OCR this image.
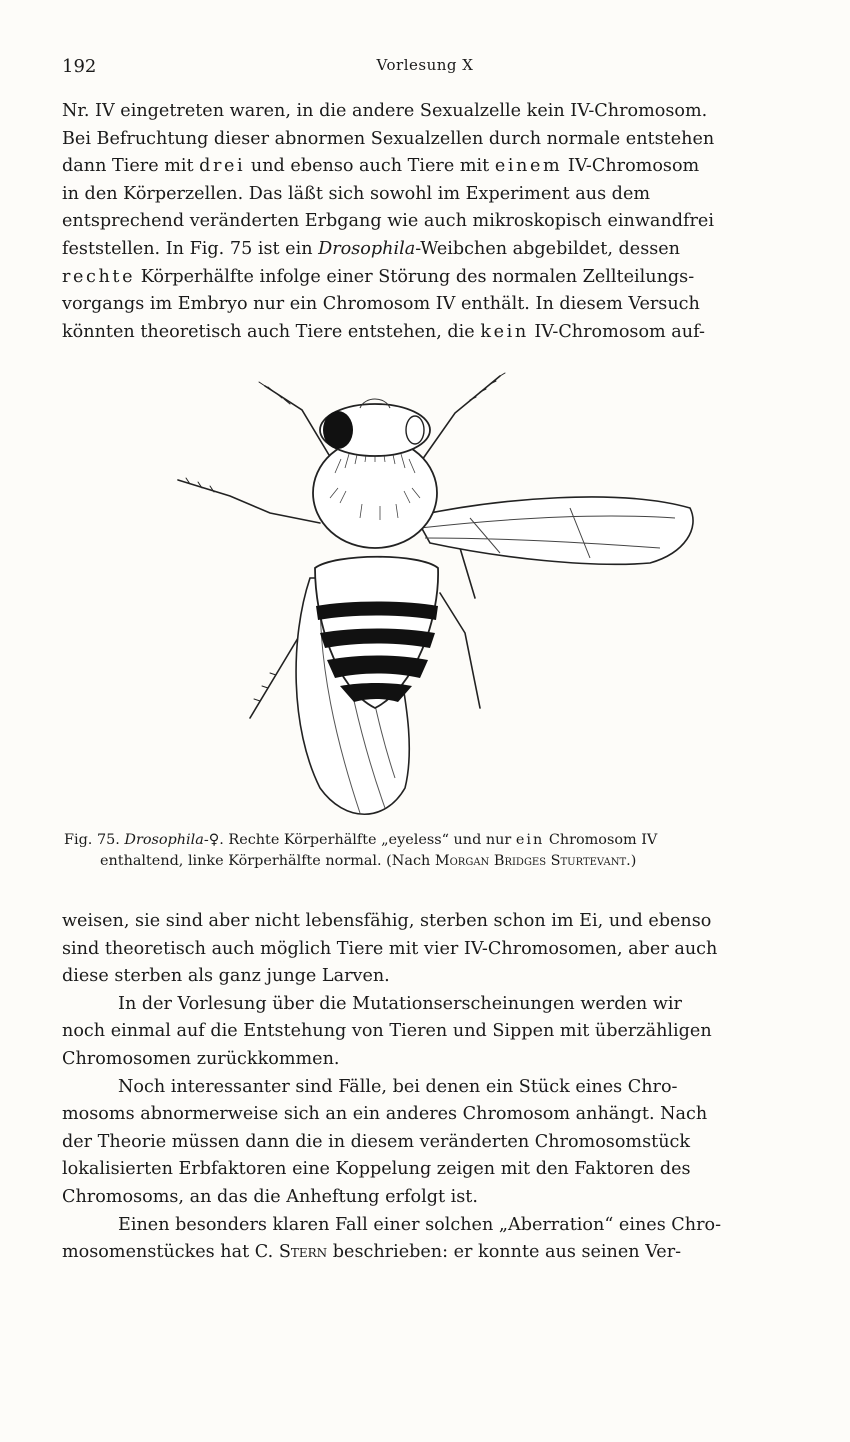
192	Vorlesung X
Nr. IV eingetreten waren, in die andere Sexualzelle kein IV-Chromosom.
Bei Befruchtung dieser abnormen Sexualzellen durch normale entstehen
dann Tiere mit drei und ebenso auch Tiere mit einem IV-Chromosom
in den Körperzellen. Das läßt sich sowohl im Experiment aus dem
entsprechend veränderten Erbgang wie auch mikroskopisch einwandfrei
feststellen. In Fig. 75 ist ein Drosophila-Weibchen abgebildet, dessen
rechte Körperhälfte infolge einer Störung des normalen Zellteilungs-
vorgangs im Embryo nur ein Chromosom IV enthält. In diesem Versuch
könnten theoretisch auch Tiere entstehen, die kein IV-Chromosom auf-
Fig. 75. Drosophila-♀. Rechte Körperhälfte „eyeless“ und nur ein Chromosom IV
enthaltend, linke Körperhälfte normal. (Nach Morgan Bridges Sturtevant.)
weisen, sie sind aber nicht lebensfähig, sterben schon im Ei, und ebenso
sind theoretisch auch möglich Tiere mit vier IV-Chromosomen, aber auch
diese sterben als ganz junge Larven.
In der Vorlesung über die Mutationserscheinungen werden wir
noch einmal auf die Entstehung von Tieren und Sippen mit überzähligen
Chromosomen zurückkommen.
Noch interessanter sind Fälle, bei denen ein Stück eines Chro-
mosoms abnormerweise sich an ein anderes Chromosom anhängt. Nach
der Theorie müssen dann die in diesem veränderten Chromosomstück
lokalisierten Erbfaktoren eine Koppelung zeigen mit den Faktoren des
Chromosoms, an das die Anheftung erfolgt ist.
Einen besonders klaren Fall einer solchen „Aberration“ eines Chro-
mosomenstückes hat C. Stern beschrieben: er konnte aus seinen Ver-
